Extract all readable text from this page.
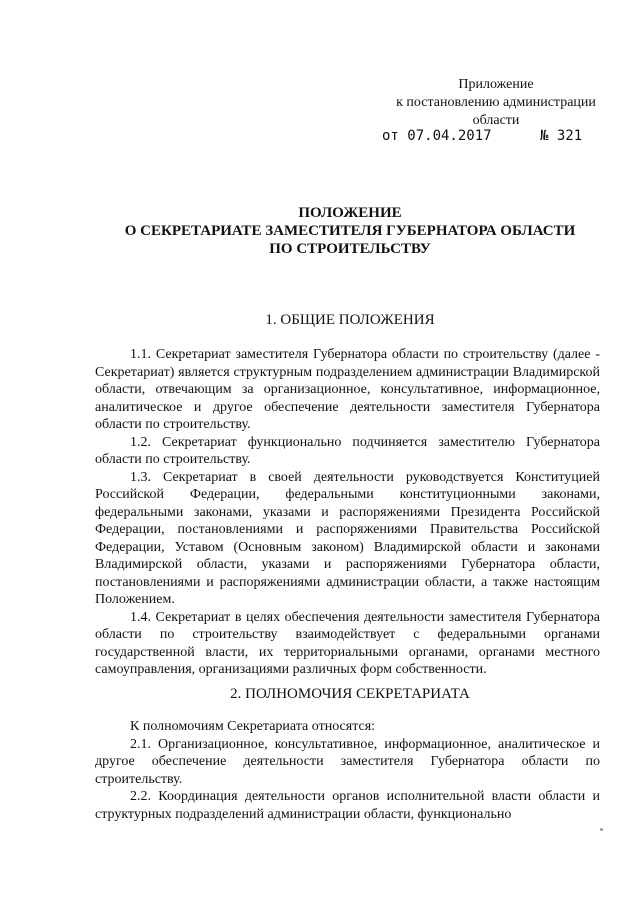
Приложение
к постановлению администрации
области
от 07.04.2017	№ 321
ПОЛОЖЕНИЕ
О СЕКРЕТАРИАТЕ ЗАМЕСТИТЕЛЯ ГУБЕРНАТОРА ОБЛАСТИ
ПО СТРОИТЕЛЬСТВУ
1. ОБЩИЕ ПОЛОЖЕНИЯ

1.1. Секретариат заместителя Губернатора области по строительству (далее - Секретариат) является структурным подразделением администрации Владимирской области, отвечающим за организационное, консультативное, информационное, аналитическое и другое обеспечение деятельности заместителя Губернатора области по строительству.

1.2. Секретариат функционально подчиняется заместителю Губернатора области по строительству.

1.3. Секретариат в своей деятельности руководствуется Конституцией Российской Федерации, федеральными конституционными законами, федеральными законами, указами и распоряжениями Президента Российской Федерации, постановлениями и распоряжениями Правительства Российской Федерации, Уставом (Основным законом) Владимирской области и законами Владимирской области, указами и распоряжениями Губернатора области, постановлениями и распоряжениями администрации области, а также настоящим Положением.

1.4. Секретариат в целях обеспечения деятельности заместителя Губернатора области по строительству взаимодействует с федеральными органами государственной власти, их территориальными органами, органами местного самоуправления, организациями различных форм собственности.

2. ПОЛНОМОЧИЯ СЕКРЕТАРИАТА

К полномочиям Секретариата относятся:

2.1. Организационное, консультативное, информационное, аналитическое и другое обеспечение деятельности заместителя Губернатора области по строительству.

2.2. Координация деятельности органов исполнительной власти области и структурных подразделений администрации области, функционально
